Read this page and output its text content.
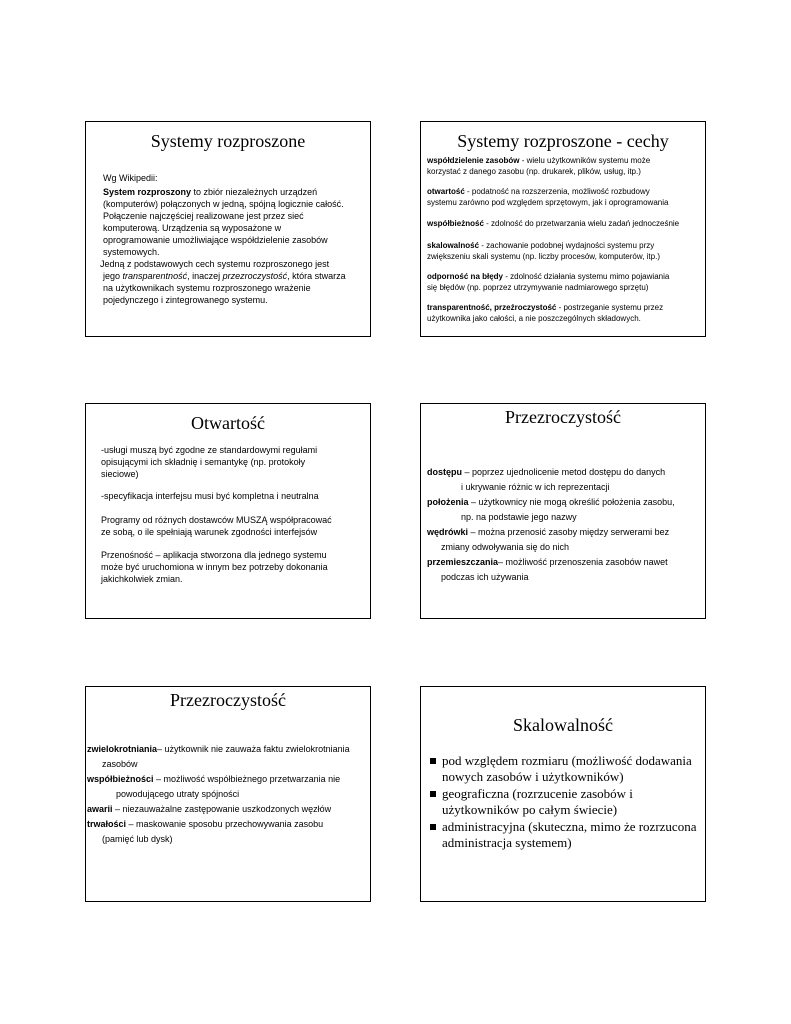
Systemy rozproszone
Wg Wikipedii:
System rozproszony to zbiór niezależnych urządzeń
(komputerów) połączonych w jedną, spójną logicznie całość.
Połączenie najczęściej realizowane jest przez sieć
komputerową. Urządzenia są wyposażone w
oprogramowanie umożliwiające współdzielenie zasobów
systemowych.
Jedną z podstawowych cech systemu rozproszonego jest
jego transparentność, inaczej przezroczystość, która stwarza
na użytkownikach systemu rozproszonego wrażenie
pojedynczego i zintegrowanego systemu.
Systemy rozproszone - cechy
współdzielenie zasobów - wielu użytkowników systemu może
korzystać z danego zasobu (np. drukarek, plików, usług, itp.)
otwartość - podatność na rozszerzenia, możliwość rozbudowy
systemu zarówno pod względem sprzętowym, jak i oprogramowania
współbieżność - zdolność do przetwarzania wielu zadań jednocześnie
skalowalność - zachowanie podobnej wydajności systemu przy
zwiększeniu skali systemu (np. liczby procesów, komputerów, itp.)
odporność na błędy - zdolność działania systemu mimo pojawiania
się błędów (np. poprzez utrzymywanie nadmiarowego sprzętu)
transparentność, przeźroczystość - postrzeganie systemu przez
użytkownika jako całości, a nie poszczególnych składowych.
Otwartość
-usługi muszą być zgodne ze standardowymi regułami
opisującymi ich składnię i semantykę (np. protokoły
sieciowe)
-specyfikacja interfejsu musi być kompletna i neutralna
Programy od różnych dostawców MUSZĄ współpracować
ze sobą, o ile spełniają warunek zgodności interfejsów
Przenośność – aplikacja stworzona dla jednego systemu
może być uruchomiona w innym bez potrzeby dokonania
jakichkolwiek zmian.
Przezroczystość
dostępu – poprzez ujednolicenie metod dostępu do danych
i ukrywanie różnic w ich reprezentacji
położenia – użytkownicy nie mogą określić położenia zasobu,
np. na podstawie jego nazwy
wędrówki – można przenosić zasoby między serwerami bez
zmiany odwoływania się do nich
przemieszczania– możliwość przenoszenia zasobów nawet
podczas ich używania
Przezroczystość
zwielokrotniania– użytkownik nie zauważa faktu zwielokrotniania
zasobów
współbieżności – możliwość współbieżnego przetwarzania nie
powodującego utraty spójności
awarii – niezauważalne zastępowanie uszkodzonych węzłów
trwałości – maskowanie sposobu przechowywania zasobu
(pamięć lub dysk)
Skalowalność
pod względem rozmiaru (możliwość dodawania
nowych zasobów i użytkowników)
geograficzna (rozrzucenie zasobów i
użytkowników po całym świecie)
administracyjna (skuteczna, mimo że rozrzucona
administracja systemem)
